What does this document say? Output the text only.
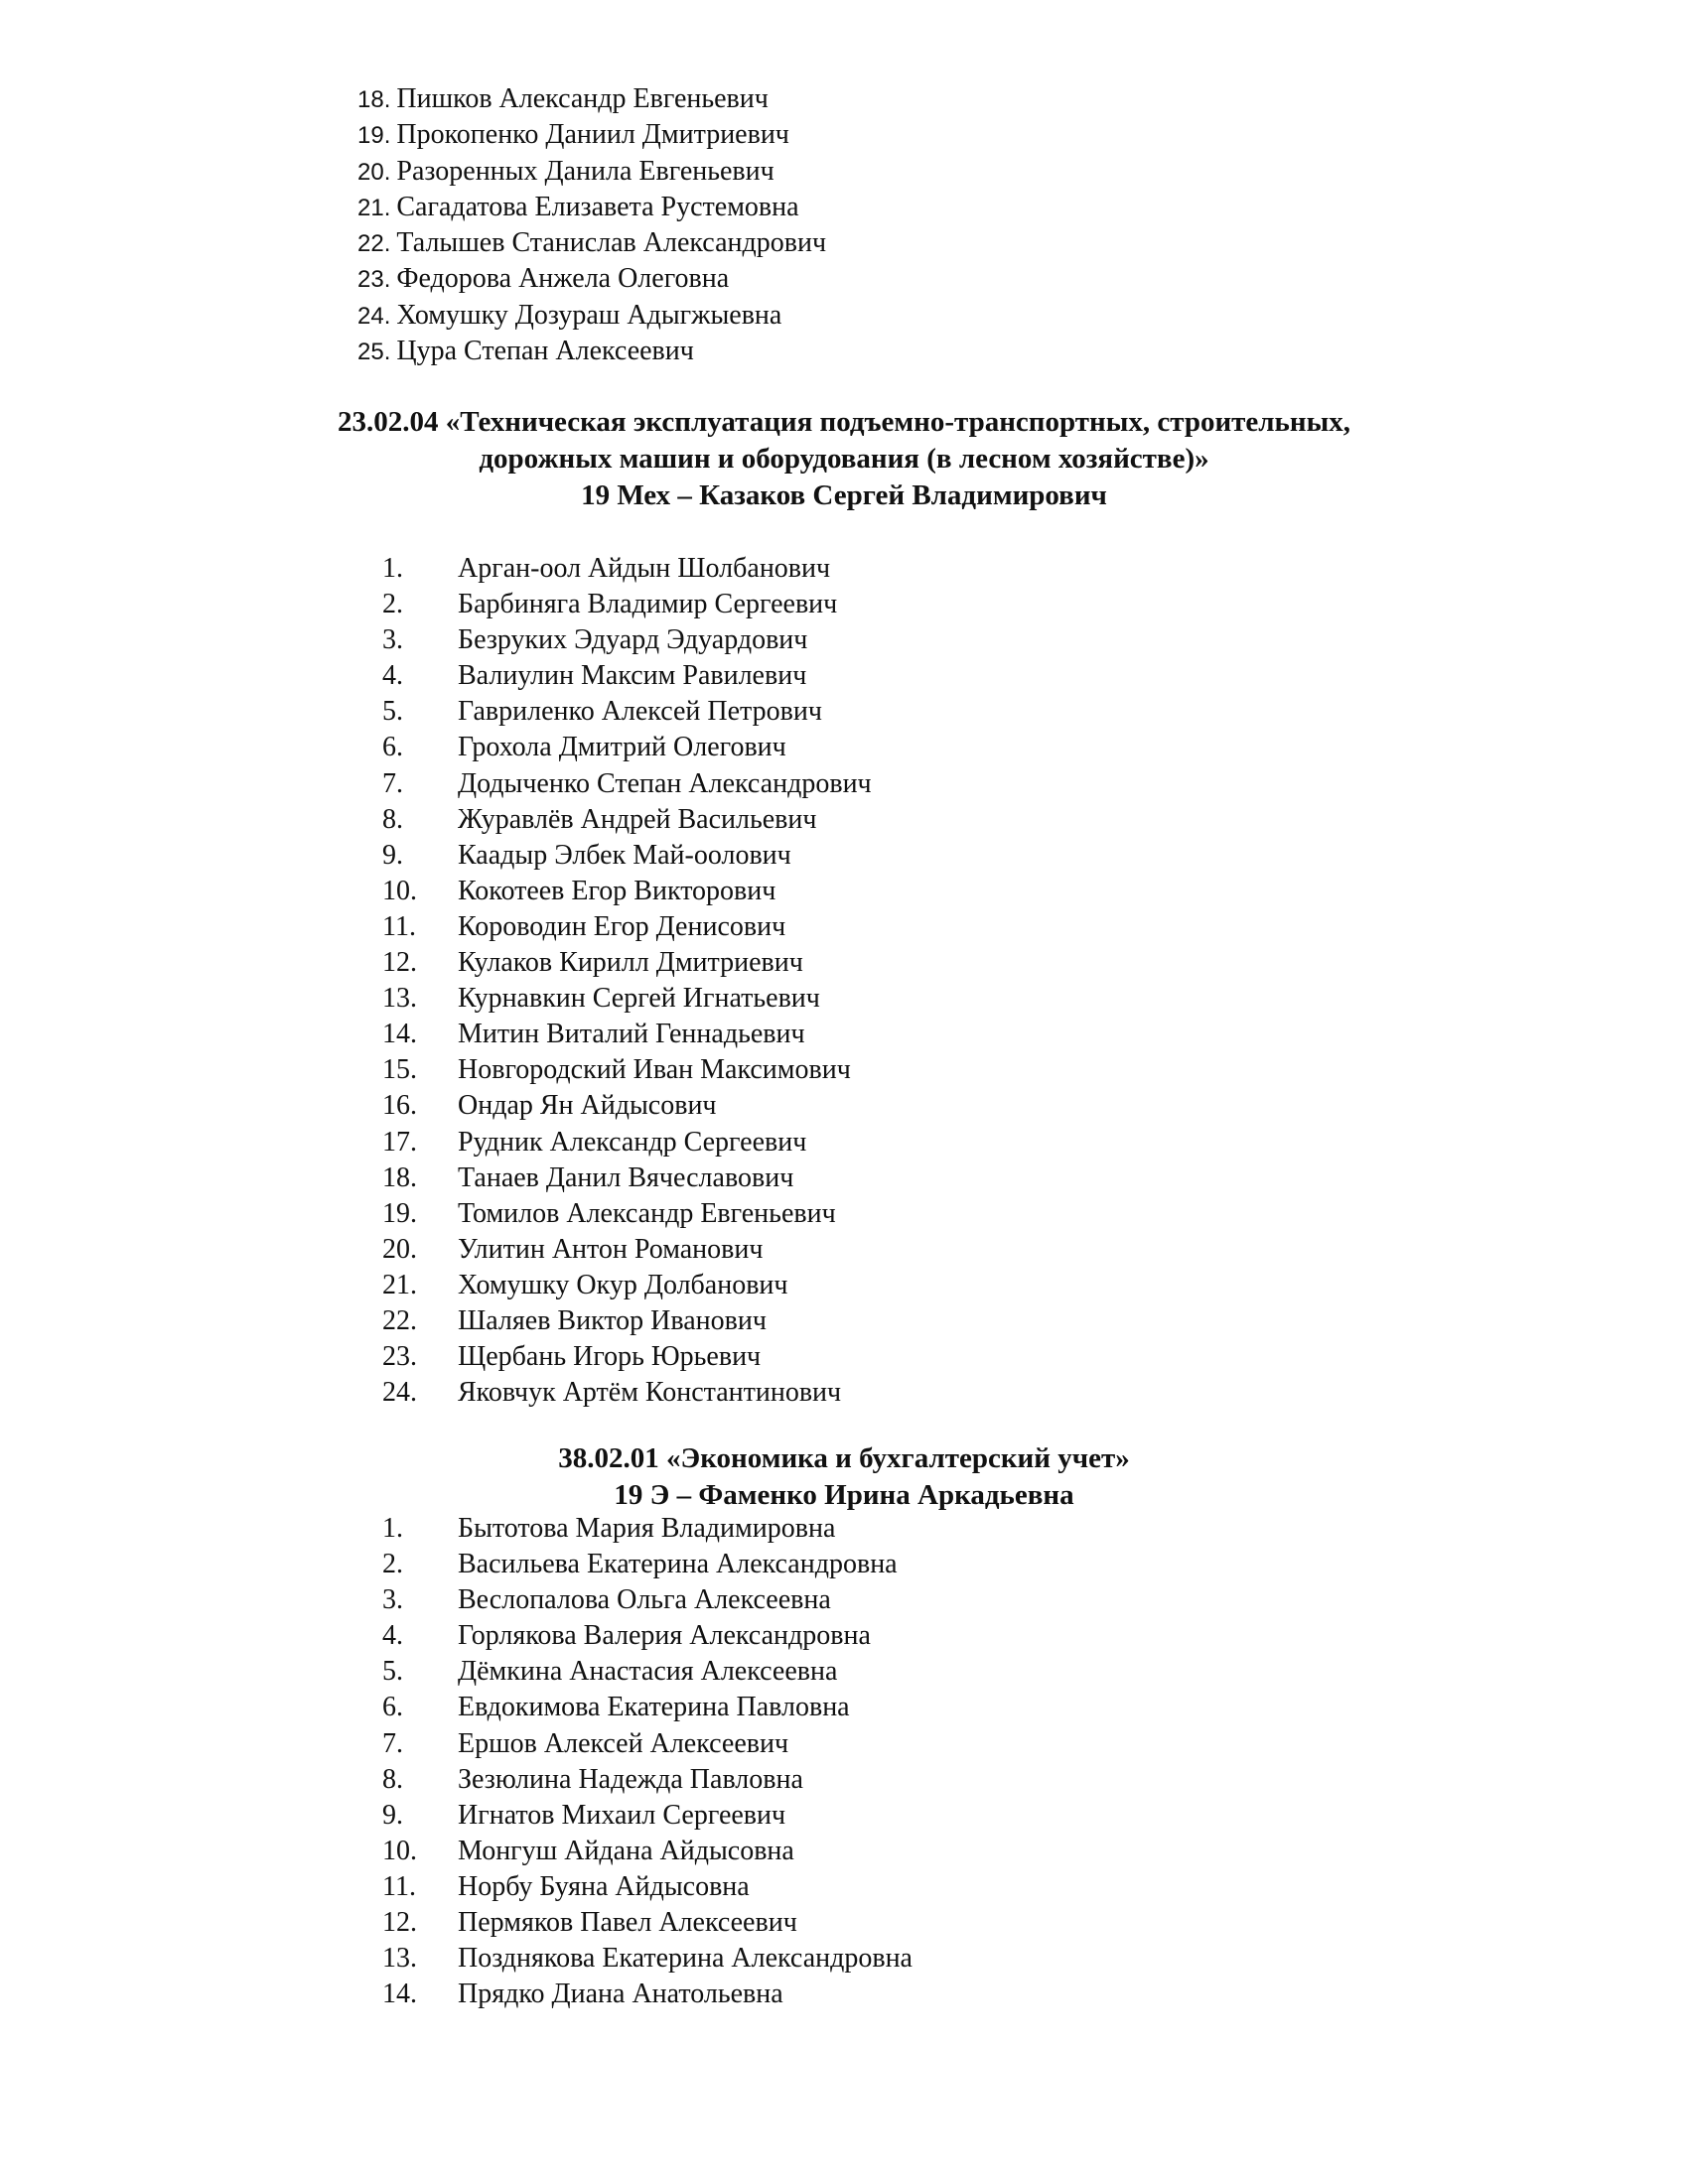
18. Пишков Александр Евгеньевич
19. Прокопенко Даниил Дмитриевич
20. Разоренных Данила Евгеньевич
21. Сагадатова Елизавета Рустемовна
22. Талышев Станислав Александрович
23. Федорова Анжела Олеговна
24. Хомушку Дозураш Адыгжыевна
25. Цура Степан Алексеевич
23.02.04 «Техническая эксплуатация подъемно-транспортных, строительных,
дорожных машин и оборудования (в лесном хозяйстве)»
19 Мех – Казаков Сергей Владимирович
1. Арган-оол Айдын Шолбанович
2. Барбиняга Владимир Сергеевич
3. Безруких Эдуард Эдуардович
4. Валиулин Максим Равилевич
5. Гавриленко Алексей Петрович
6. Грохола Дмитрий Олегович
7. Додыченко Степан Александрович
8. Журавлёв Андрей Васильевич
9. Каадыр Элбек Май-оолович
10. Кокотеев Егор Викторович
11. Короводин Егор Денисович
12. Кулаков Кирилл Дмитриевич
13. Курнавкин Сергей Игнатьевич
14. Митин Виталий Геннадьевич
15. Новгородский Иван Максимович
16. Ондар Ян Айдысович
17. Рудник Александр Сергеевич
18. Танаев Данил Вячеславович
19. Томилов Александр Евгеньевич
20. Улитин Антон Романович
21. Хомушку Окур Долбанович
22. Шаляев Виктор Иванович
23. Щербань Игорь Юрьевич
24. Яковчук Артём Константинович
38.02.01 «Экономика и бухгалтерский учет»
19 Э – Фаменко Ирина Аркадьевна
1. Бытотова Мария Владимировна
2. Васильева Екатерина Александровна
3. Веслопалова Ольга Алексеевна
4. Горлякова Валерия Александровна
5. Дёмкина Анастасия Алексеевна
6. Евдокимова Екатерина Павловна
7. Ершов Алексей Алексеевич
8. Зезюлина Надежда Павловна
9. Игнатов Михаил Сергеевич
10. Монгуш Айдана Айдысовна
11. Норбу Буяна Айдысовна
12. Пермяков Павел Алексеевич
13. Позднякова Екатерина Александровна
14. Прядко Диана Анатольевна
